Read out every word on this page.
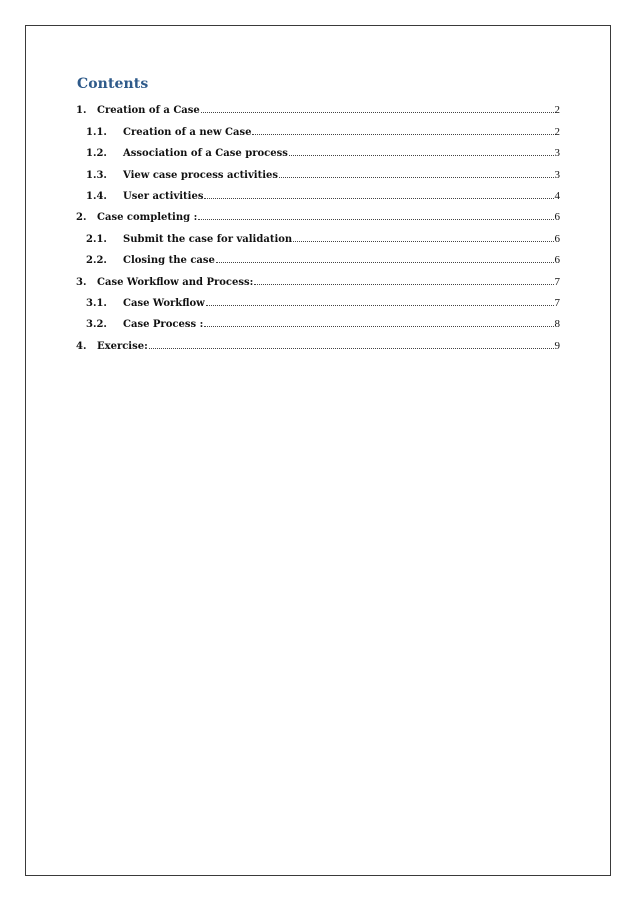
Contents
1.	Creation of a Case	2
1.1.	Creation of a new Case	2
1.2.	Association of a Case process	3
1.3.	View case process activities	3
1.4.	User activities	4
2.	Case completing :	6
2.1.	Submit the case for validation	6
2.2.	Closing the case	6
3.	Case Workflow and Process:	7
3.1.	Case Workflow	7
3.2.	Case Process :	8
4.	Exercise:	9
